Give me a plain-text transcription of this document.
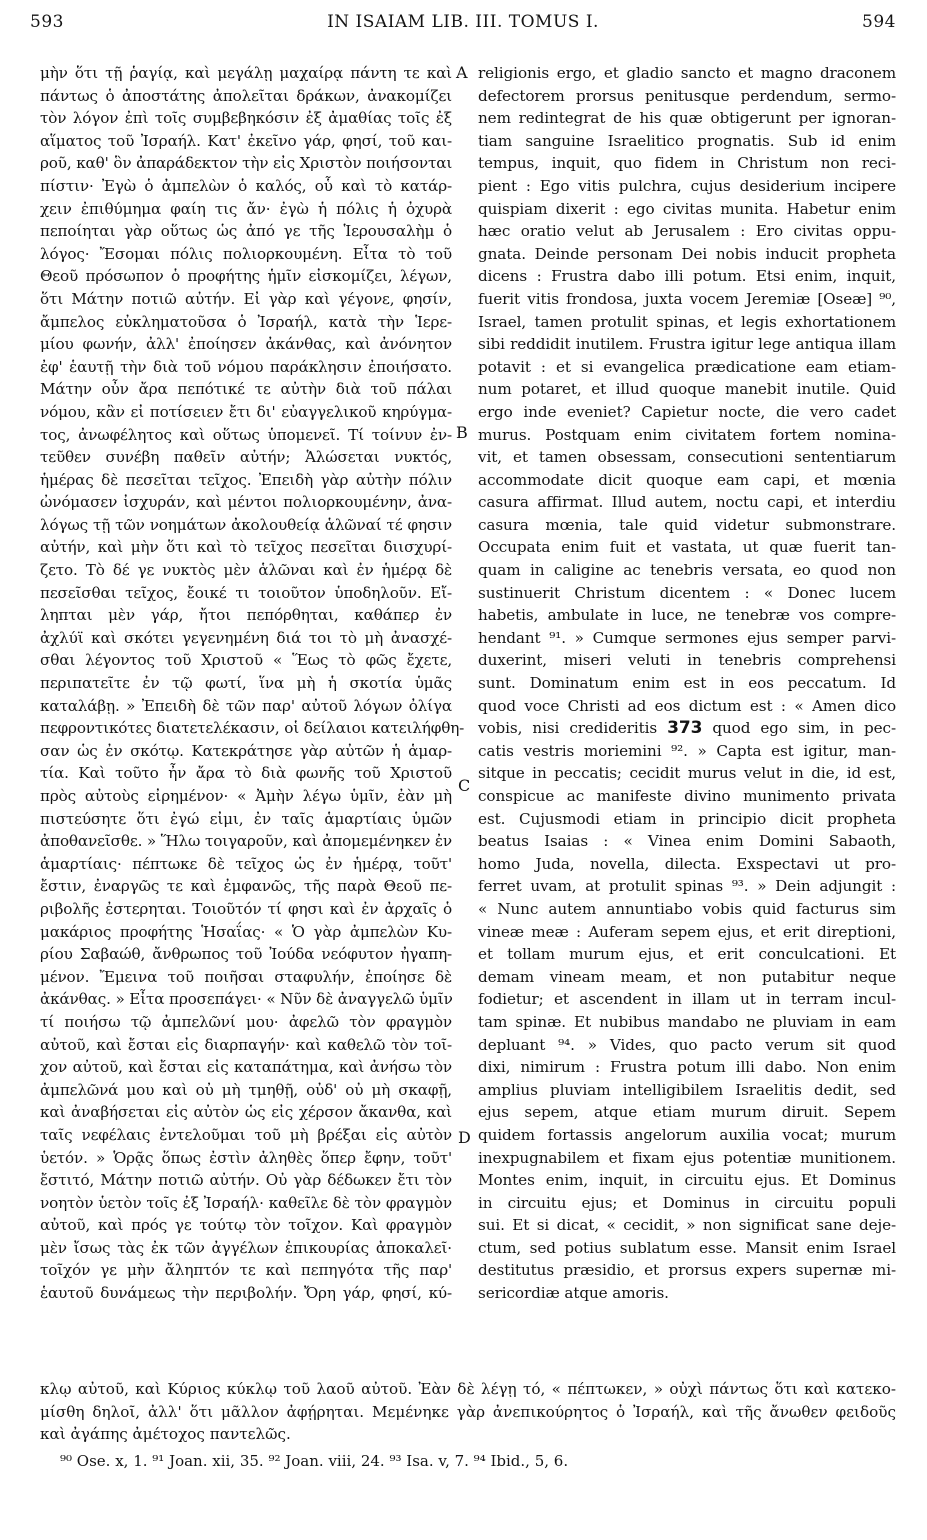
593	IN ISAIAM LIB. III. TOMUS I.	594
μὴν ὅτι τῇ ῥαγίᾳ, καὶ μεγάλῃ μαχαίρᾳ πάντη τε καὶ
πάντως ὁ ἀποστάτης ἀπολεῖται δράκων, ἀνακομίζει
τὸν λόγον ἐπὶ τοῖς συμβεβηκόσιν ἐξ ἀμαθίας τοῖς ἐξ
αἵματος τοῦ Ἰσραήλ. Κατ' ἐκεῖνο γάρ, φησί, τοῦ και-
ροῦ, καθ' ὃν ἀπαράδεκτον τὴν εἰς Χριστὸν ποιήσονται
πίστιν· Ἐγὼ ὁ ἀμπελὼν ὁ καλός, οὗ καὶ τὸ κατάρ-
χειν ἐπιθύμημα φαίη τις ἄν· ἐγὼ ἡ πόλις ἡ ὀχυρὰ
πεποίηται γὰρ οὕτως ὡς ἀπό γε τῆς Ἱερουσαλὴμ ὁ
λόγος· Ἔσομαι πόλις πολιορκουμένη. Εἶτα τὸ τοῦ
Θεοῦ πρόσωπον ὁ προφήτης ἡμῖν εἰσκομίζει, λέγων,
ὅτι Μάτην ποτιῶ αὐτήν. Εἰ γὰρ καὶ γέγονε, φησίν,
ἄμπελος εὐκληματοῦσα ὁ Ἰσραήλ, κατὰ τὴν Ἱερε-
μίου φωνήν, ἀλλ' ἐποίησεν ἀκάνθας, καὶ ἀνόνητον
ἐφ' ἑαυτῇ τὴν διὰ τοῦ νόμου παράκλησιν ἐποιήσατο.
Μάτην οὖν ἄρα πεπότικέ τε αὐτὴν διὰ τοῦ πάλαι
νόμου, κἂν εἰ ποτίσειεν ἔτι δι' εὐαγγελικοῦ κηρύγμα-
τος, ἀνωφέλητος καὶ οὕτως ὑπομενεῖ. Τί τοίνυν ἐν-
τεῦθεν συνέβη παθεῖν αὐτήν; Ἁλώσεται νυκτός,
ἡμέρας δὲ πεσεῖται τεῖχος. Ἐπειδὴ γὰρ αὐτὴν πόλιν
ὠνόμασεν ἰσχυράν, καὶ μέντοι πολιορκουμένην, ἀνα-
λόγως τῇ τῶν νοημάτων ἀκολουθείᾳ ἁλῶναί τέ φησιν
αὐτήν, καὶ μὴν ὅτι καὶ τὸ τεῖχος πεσεῖται διισχυρί-
ζετο. Τὸ δέ γε νυκτὸς μὲν ἁλῶναι καὶ ἐν ἡμέρᾳ δὲ
πεσεῖσθαι τεῖχος, ἔοικέ τι τοιοῦτον ὑποδηλοῦν. Εἴ-
ληπται μὲν γάρ, ἤτοι πεπόρθηται, καθάπερ ἐν
ἀχλύϊ καὶ σκότει γεγενημένη διά τοι τὸ μὴ ἀνασχέ-
σθαι λέγοντος τοῦ Χριστοῦ « Ἕως τὸ φῶς ἔχετε,
περιπατεῖτε ἐν τῷ φωτί, ἵνα μὴ ἡ σκοτία ὑμᾶς
καταλάβῃ. » Ἐπειδὴ δὲ τῶν παρ' αὐτοῦ λόγων ὀλίγα
πεφροντικότες διατετελέκασιν, οἱ δείλαιοι κατειλήφθη-
σαν ὡς ἐν σκότῳ. Κατεκράτησε γὰρ αὐτῶν ἡ ἁμαρ-
τία. Καὶ τοῦτο ἦν ἄρα τὸ διὰ φωνῆς τοῦ Χριστοῦ
πρὸς αὐτοὺς εἰρημένον· « Ἀμὴν λέγω ὑμῖν, ἐὰν μὴ
πιστεύσητε ὅτι ἐγώ εἰμι, ἐν ταῖς ἁμαρτίαις ὑμῶν
ἀποθανεῖσθε. » Ἥλω τοιγαροῦν, καὶ ἀπομεμένηκεν ἐν
ἁμαρτίαις· πέπτωκε δὲ τεῖχος ὡς ἐν ἡμέρᾳ, τοῦτ'
ἔστιν, ἐναργῶς τε καὶ ἐμφανῶς, τῆς παρὰ Θεοῦ πε-
ριβολῆς ἐστερηται. Τοιοῦτόν τί φησι καὶ ἐν ἀρχαῖς ὁ
μακάριος προφήτης Ἡσαΐας· « Ὁ γὰρ ἀμπελὼν Κυ-
ρίου Σαβαώθ, ἄνθρωπος τοῦ Ἰούδα νεόφυτον ἠγαπη-
μένον. Ἔμεινα τοῦ ποιῆσαι σταφυλήν, ἐποίησε δὲ
ἀκάνθας. » Εἶτα προσεπάγει· « Νῦν δὲ ἀναγγελῶ ὑμῖν
τί ποιήσω τῷ ἀμπελῶνί μου· ἀφελῶ τὸν φραγμὸν
αὐτοῦ, καὶ ἔσται εἰς διαρπαγήν· καὶ καθελῶ τὸν τοῖ-
χον αὐτοῦ, καὶ ἔσται εἰς καταπάτημα, καὶ ἀνήσω τὸν
ἀμπελῶνά μου καὶ οὐ μὴ τμηθῇ, οὐδ' οὐ μὴ σκαφῇ,
καὶ ἀναβήσεται εἰς αὐτὸν ὡς εἰς χέρσον ἄκανθα, καὶ
ταῖς νεφέλαις ἐντελοῦμαι τοῦ μὴ βρέξαι εἰς αὐτὸν
ὑετόν. » Ὁρᾷς ὅπως ἐστὶν ἀληθὲς ὅπερ ἔφην, τοῦτ'
ἔστιτό, Μάτην ποτιῶ αὐτήν. Οὐ γὰρ δέδωκεν ἔτι τὸν
νοητὸν ὑετὸν τοῖς ἐξ Ἰσραήλ· καθεῖλε δὲ τὸν φραγμὸν
αὐτοῦ, καὶ πρός γε τούτῳ τὸν τοῖχον. Καὶ φραγμὸν
μὲν ἴσως τὰς ἐκ τῶν ἀγγέλων ἐπικουρίας ἀποκαλεῖ·
τοῖχόν γε μὴν ἄληπτόν τε καὶ πεπηγότα τῆς παρ'
ἑαυτοῦ δυνάμεως τὴν περιβολήν. Ὄρη γάρ, φησί, κύ-
A
B
C
D
religionis ergo, et gladio sancto et magno draconem
defectorem prorsus penitusque perdendum, sermo-
nem redintegrat de his quæ obtigerunt per ignoran-
tiam sanguine Israelitico prognatis. Sub id enim
tempus, inquit, quo fidem in Christum non reci-
pient : Ego vitis pulchra, cujus desiderium incipere
quispiam dixerit : ego civitas munita. Habetur enim
hæc oratio velut ab Jerusalem : Ero civitas oppu-
gnata. Deinde personam Dei nobis inducit propheta
dicens : Frustra dabo illi potum. Etsi enim, inquit,
fuerit vitis frondosa, juxta vocem Jeremiæ [Oseæ] ⁹⁰,
Israel, tamen protulit spinas, et legis exhortationem
sibi reddidit inutilem. Frustra igitur lege antiqua illam
potavit : et si evangelica prædicatione eam etiam-
num potaret, et illud quoque manebit inutile. Quid
ergo inde eveniet? Capietur nocte, die vero cadet
murus. Postquam enim civitatem fortem nomina-
vit, et tamen obsessam, consecutioni sententiarum
accommodate dicit quoque eam capi, et mœnia
casura affirmat. Illud autem, noctu capi, et interdiu
casura mœnia, tale quid videtur submonstrare.
Occupata enim fuit et vastata, ut quæ fuerit tan-
quam in caligine ac tenebris versata, eo quod non
sustinuerit Christum dicentem : « Donec lucem
habetis, ambulate in luce, ne tenebræ vos compre-
hendant ⁹¹. » Cumque sermones ejus semper parvi-
duxerint, miseri veluti in tenebris comprehensi
sunt. Dominatum enim est in eos peccatum. Id
quod voce Christi ad eos dictum est : « Amen dico
vobis, nisi credideritis 373 quod ego sim, in pec-
catis vestris moriemini ⁹². » Capta est igitur, man-
sitque in peccatis; cecidit murus velut in die, id est,
conspicue ac manifeste divino munimento privata
est. Cujusmodi etiam in principio dicit propheta
beatus Isaias : « Vinea enim Domini Sabaoth,
homo Juda, novella, dilecta. Exspectavi ut pro-
ferret uvam, at protulit spinas ⁹³. » Dein adjungit :
« Nunc autem annuntiabo vobis quid facturus sim
vineæ meæ : Auferam sepem ejus, et erit direptioni,
et tollam murum ejus, et erit conculcationi. Et
demam vineam meam, et non putabitur neque
fodietur; et ascendent in illam ut in terram incul-
tam spinæ. Et nubibus mandabo ne pluviam in eam
depluant ⁹⁴. » Vides, quo pacto verum sit quod
dixi, nimirum : Frustra potum illi dabo. Non enim
amplius pluviam intelligibilem Israelitis dedit, sed
ejus sepem, atque etiam murum diruit. Sepem
quidem fortassis angelorum auxilia vocat; murum
inexpugnabilem et fixam ejus potentiæ munitionem.
Montes enim, inquit, in circuitu ejus. Et Dominus
in circuitu ejus; et Dominus in circuitu populi
sui. Et si dicat, « cecidit, » non significat sane deje-
ctum, sed potius sublatum esse. Mansit enim Israel
destitutus præsidio, et prorsus expers supernæ mi-
sericordiæ atque amoris.
κλῳ αὐτοῦ, καὶ Κύριος κύκλῳ τοῦ λαοῦ αὐτοῦ. Ἐὰν δὲ λέγῃ τό, « πέπτωκεν, » οὐχὶ πάντως ὅτι καὶ κατεκο-
μίσθη δηλοῖ, ἀλλ' ὅτι μᾶλλον ἀφῄρηται. Μεμένηκε γὰρ ἀνεπικούρητος ὁ Ἰσραήλ, καὶ τῆς ἄνωθεν φειδοῦς
καὶ ἀγάπης ἀμέτοχος παντελῶς.
⁹⁰ Ose. x, 1. ⁹¹ Joan. xii, 35. ⁹² Joan. viii, 24. ⁹³ Isa. v, 7. ⁹⁴ Ibid., 5, 6.
